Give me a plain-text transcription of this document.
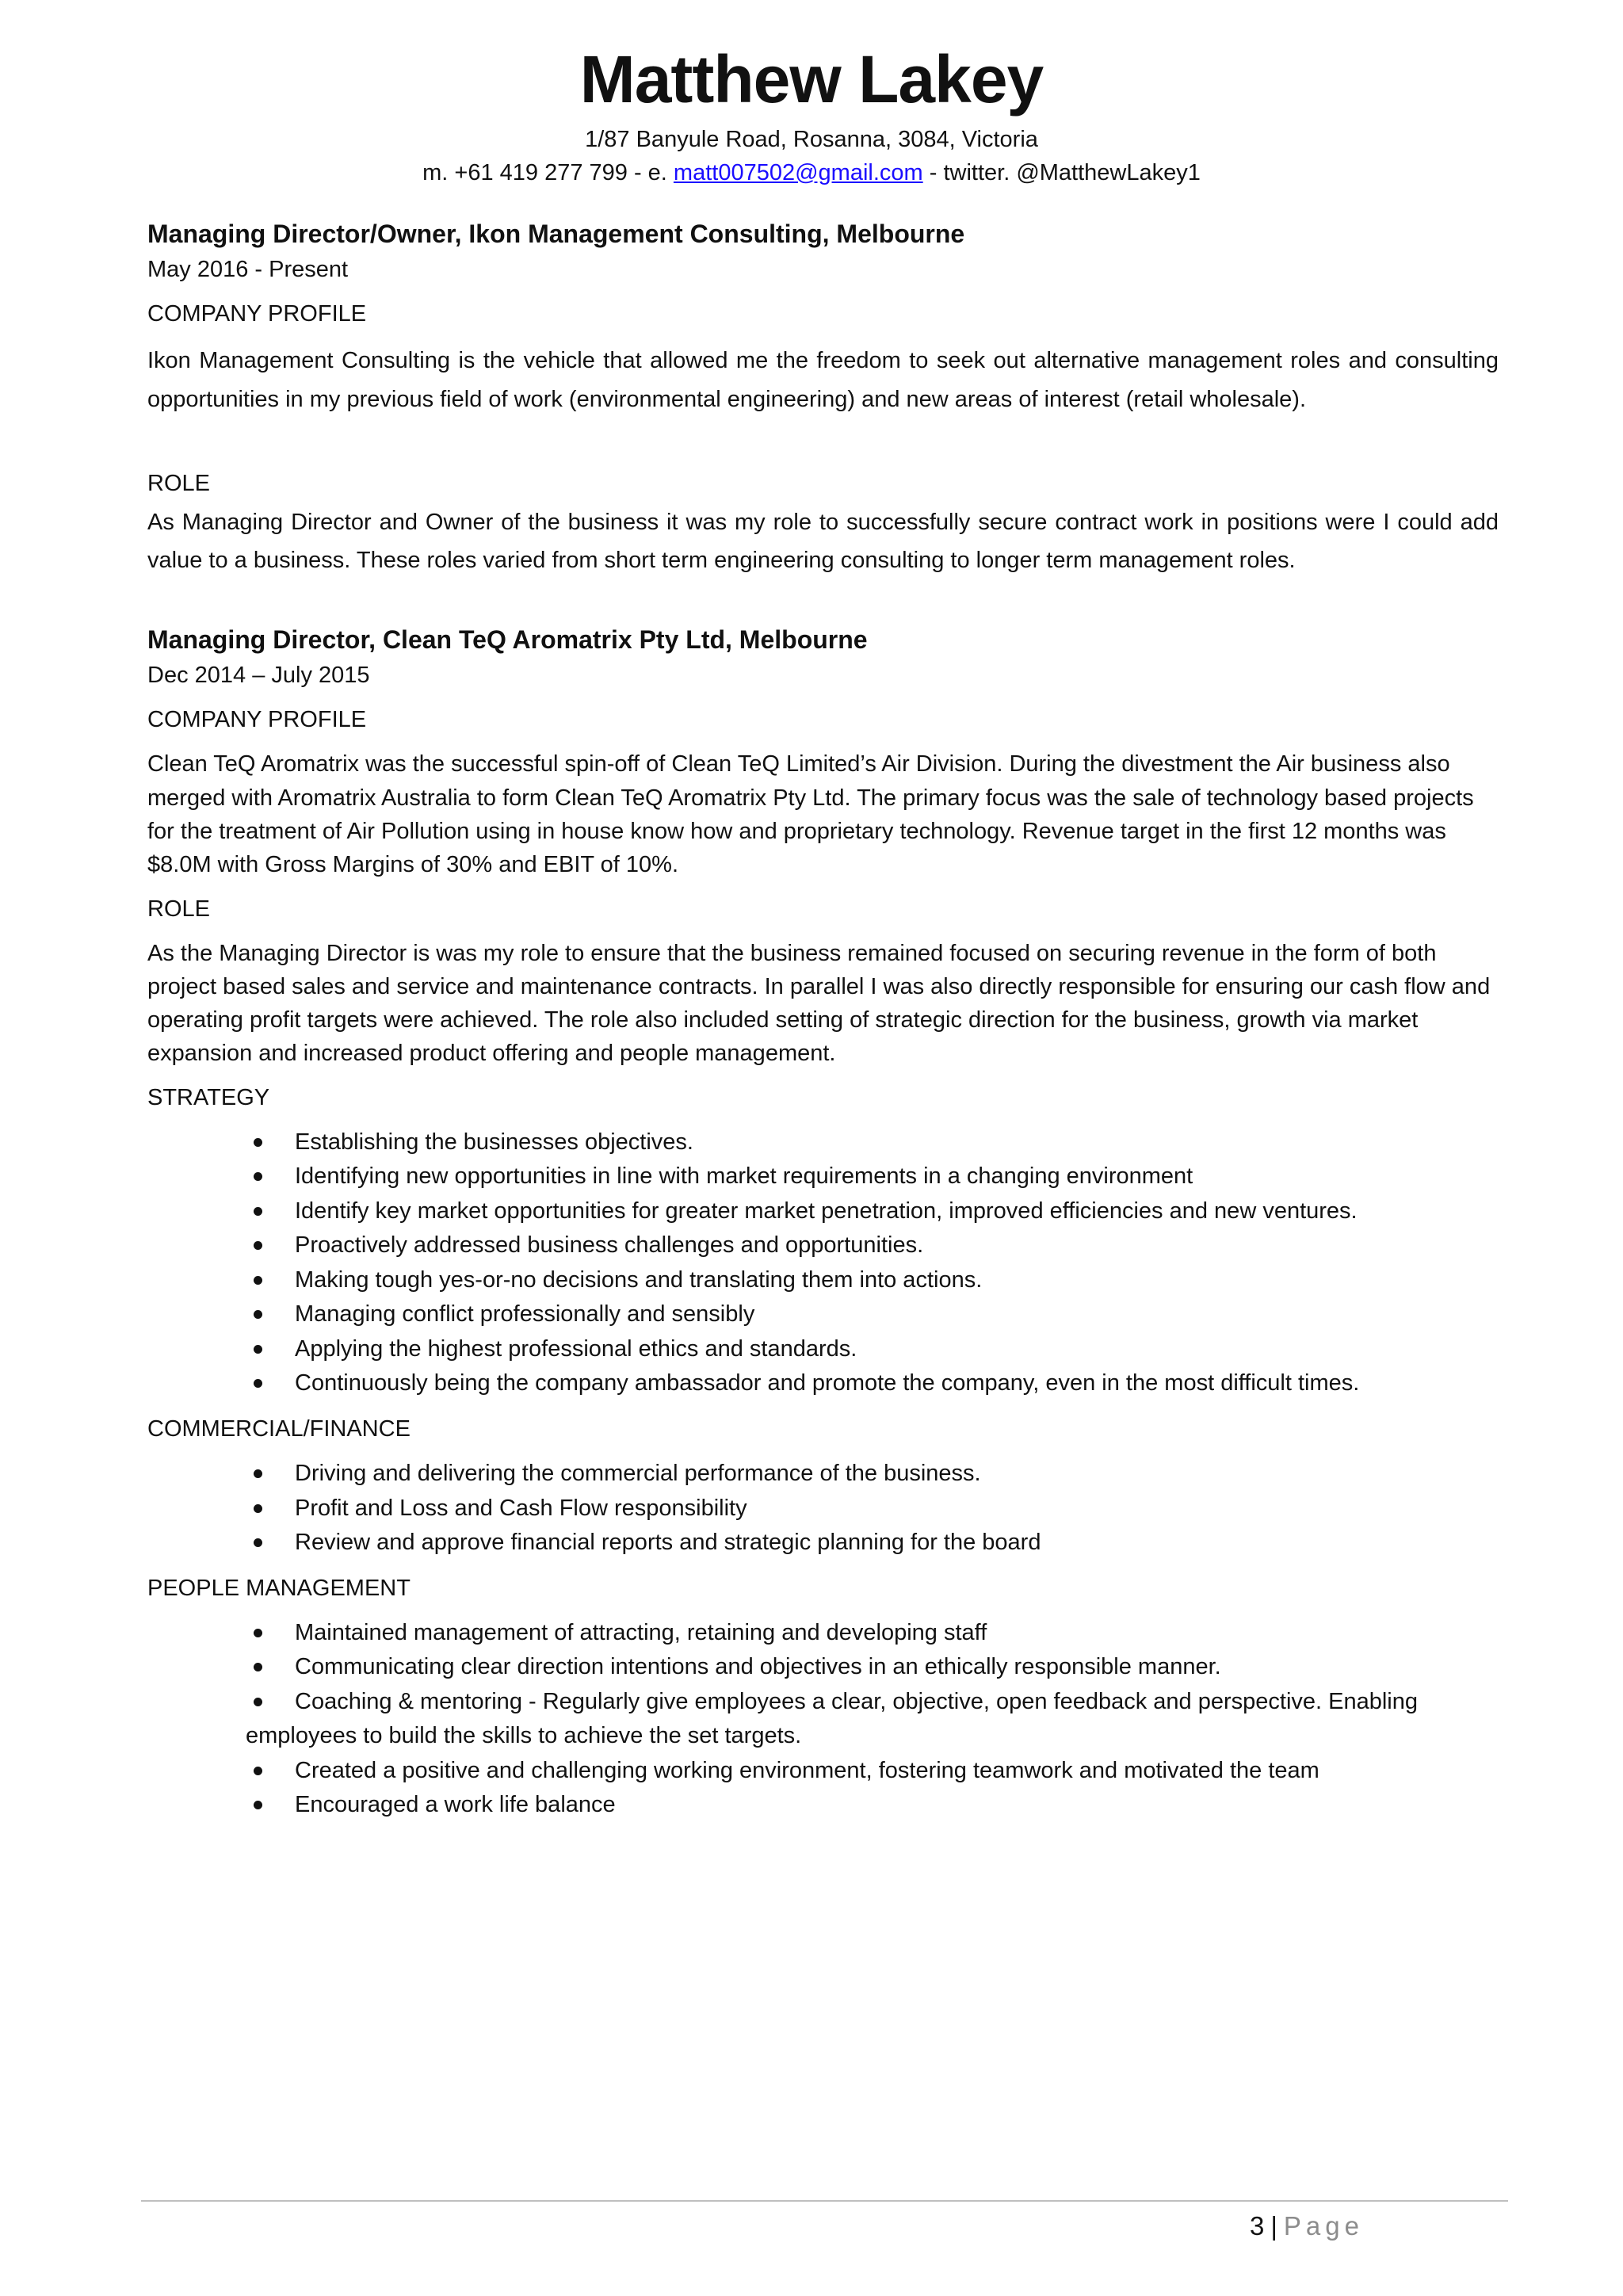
Matthew Lakey
1/87 Banyule Road, Rosanna, 3084, Victoria
m. +61 419 277 799 - e. matt007502@gmail.com - twitter. @MatthewLakey1
Managing Director/Owner, Ikon Management Consulting, Melbourne
May 2016 - Present
COMPANY PROFILE

Ikon Management Consulting is the vehicle that allowed me the freedom to seek out alternative management roles and consulting opportunities in my previous field of work (environmental engineering) and new areas of interest (retail wholesale).

ROLE

As Managing Director and Owner of the business it was my role to successfully secure contract work in positions were I could add value to a business. These roles varied from short term engineering consulting to longer term management roles.

Managing Director, Clean TeQ Aromatrix Pty Ltd, Melbourne
Dec 2014 – July 2015
COMPANY PROFILE

Clean TeQ Aromatrix was the successful spin-off of Clean TeQ Limited’s Air Division. During the divestment the Air business also merged with Aromatrix Australia to form Clean TeQ Aromatrix Pty Ltd. The primary focus was the sale of technology based projects for the treatment of Air Pollution using in house know how and proprietary technology. Revenue target in the first 12 months was $8.0M with Gross Margins of 30% and EBIT of 10%.

ROLE

As the Managing Director is was my role to ensure that the business remained focused on securing revenue in the form of both project based sales and service and maintenance contracts. In parallel I was also directly responsible for ensuring our cash flow and operating profit targets were achieved. The role also included setting of strategic direction for the business, growth via market expansion and increased product offering and people management.

STRATEGY
Establishing the businesses objectives.
Identifying new opportunities in line with market requirements in a changing environment
Identify key market opportunities for greater market penetration, improved efficiencies and new ventures.
Proactively addressed business challenges and opportunities.
Making tough yes-or-no decisions and translating them into actions.
Managing conflict professionally and sensibly
Applying the highest professional ethics and standards.
Continuously being the company ambassador and promote the company, even in the most difficult times.
COMMERCIAL/FINANCE
Driving and delivering the commercial performance of the business.
Profit and Loss and Cash Flow responsibility
Review and approve financial reports and strategic planning for the board
PEOPLE MANAGEMENT
Maintained management of attracting, retaining and developing staff
Communicating clear direction intentions and objectives in an ethically responsible manner.
Coaching & mentoring - Regularly give employees a clear, objective, open feedback and perspective. Enabling employees to build the skills to achieve the set targets.
Created a positive and challenging working environment, fostering teamwork and motivated the team
Encouraged a work life balance
3 | Page
